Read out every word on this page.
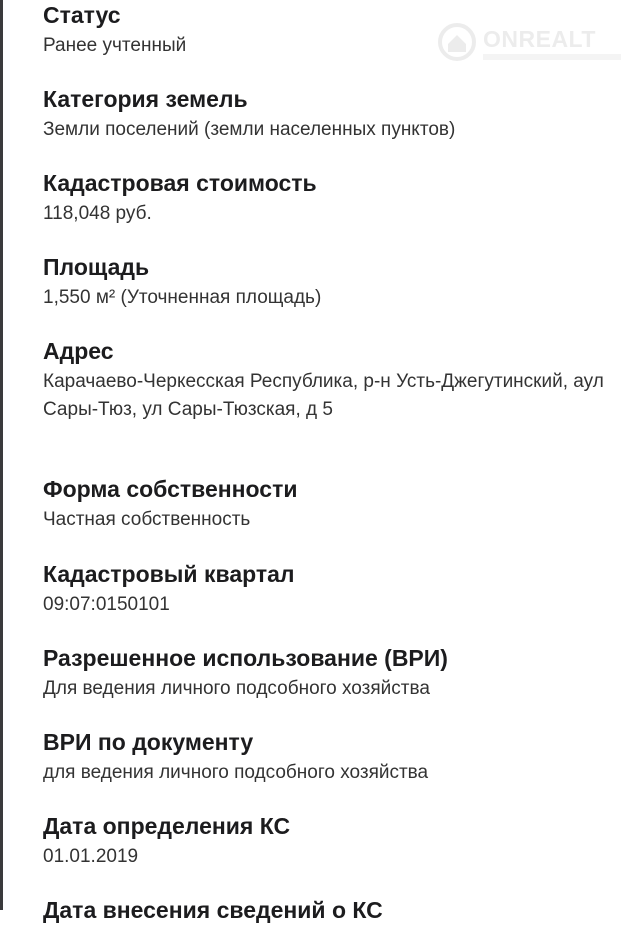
ONREALT
Статус
Ранее учтенный
Категория земель
Земли поселений (земли населенных пунктов)
Кадастровая стоимость
118,048 руб.
Площадь
1,550 м² (Уточненная площадь)
Адрес
Карачаево-Черкесская Республика, р-н Усть-Джегутинский, аул Сары-Тюз, ул Сары-Тюзская, д 5
Форма собственности
Частная собственность
Кадастровый квартал
09:07:0150101
Разрешенное использование (ВРИ)
Для ведения личного подсобного хозяйства
ВРИ по документу
для ведения личного подсобного хозяйства
Дата определения КС
01.01.2019
Дата внесения сведений о КС
